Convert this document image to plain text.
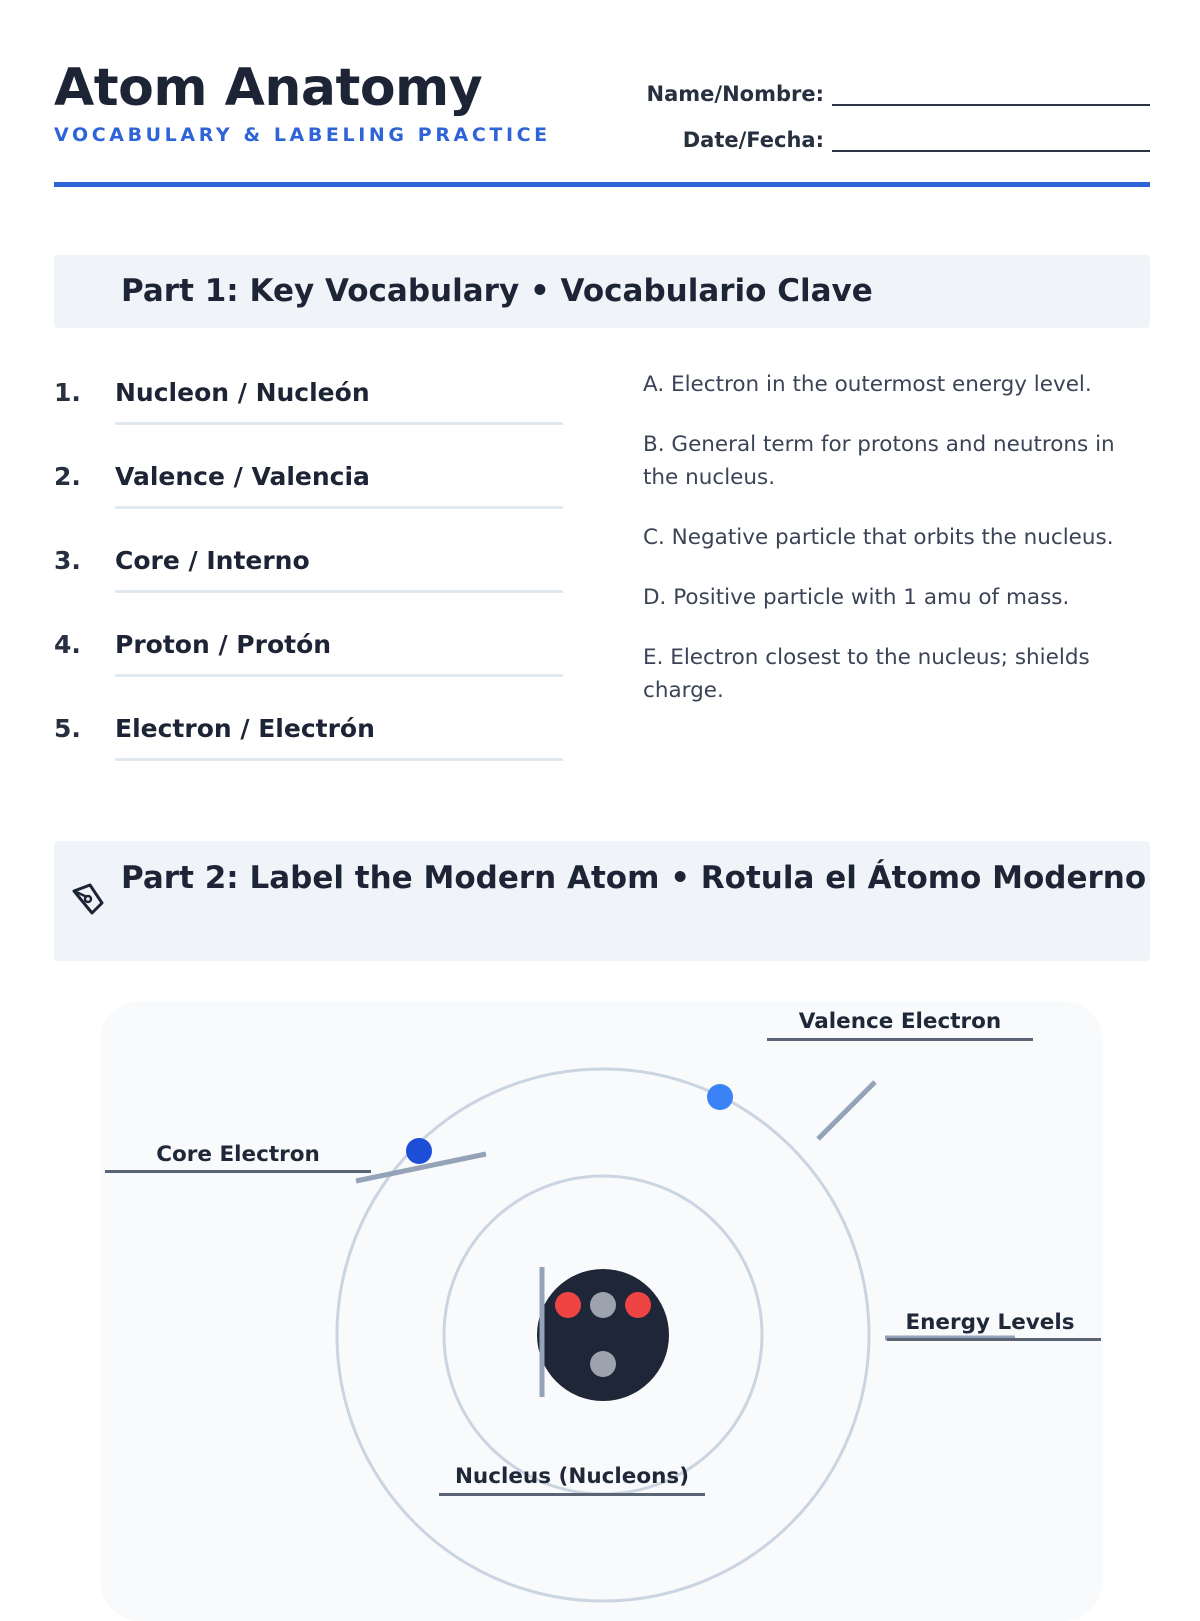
Atom Anatomy
VOCABULARY & LABELING PRACTICE
Name/Nombre:
Date/Fecha:
Part 1: Key Vocabulary • Vocabulario Clave
1. Nucleon / Nucleón
2. Valence / Valencia
3. Core / Interno
4. Proton / Protón
5. Electron / Electrón
A. Electron in the outermost energy level.
B. General term for protons and neutrons in the nucleus.
C. Negative particle that orbits the nucleus.
D. Positive particle with 1 amu of mass.
E. Electron closest to the nucleus; shields charge.
Part 2: Label the Modern Atom • Rotula el Átomo Moderno
Valence Electron
Core Electron
Energy Levels
Nucleus (Nucleons)
